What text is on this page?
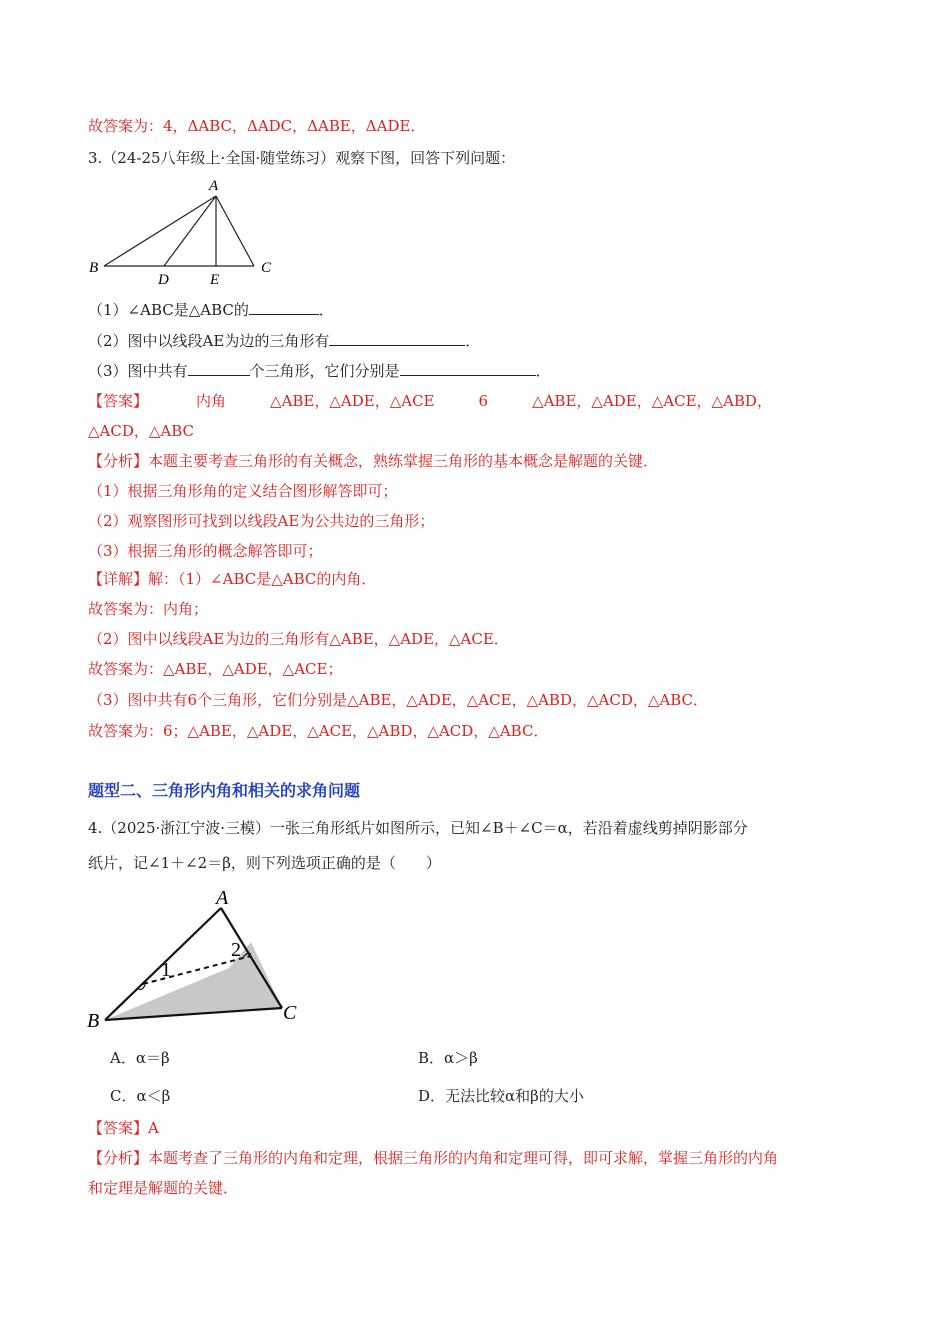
故答案为：4，ΔABC，ΔADC，ΔABE，ΔADE．
3.（24-25八年级上·全国·随堂练习）观察下图，回答下列问题：
A
B	C
D	E
（1）∠ABC是△ABC的	．
（2）图中以线段AE为边的三角形有	．
（3）图中共有	个三角形，它们分别是	．
【答案】	内角	△ABE，△ADE，△ACE	6	△ABE，△ADE，△ACE，△ABD，
△ACD，△ABC
【分析】本题主要考查三角形的有关概念，熟练掌握三角形的基本概念是解题的关键．
（1）根据三角形角的定义结合图形解答即可；
（2）观察图形可找到以线段AE为公共边的三角形；
（3）根据三角形的概念解答即可；
【详解】解：（1）∠ABC是△ABC的内角．
故答案为：内角；
（2）图中以线段AE为边的三角形有△ABE，△ADE，△ACE．
故答案为：△ABE，△ADE，△ACE；
（3）图中共有6个三角形，它们分别是△ABE，△ADE，△ACE，△ABD，△ACD，△ABC．
故答案为：6；△ABE，△ADE，△ACE，△ABD，△ACD，△ABC．
题型二、三角形内角和相关的求角问题
4.（2025·浙江宁波·三模）一张三角形纸片如图所示，已知∠B＋∠C＝α，若沿着虚线剪掉阴影部分
纸片，记∠1＋∠2＝β，则下列选项正确的是（　　）
A
B	C
1
2
A．α＝β	B．α＞β
C．α＜β	D．无法比较α和β的大小
【答案】A
【分析】本题考查了三角形的内角和定理，根据三角形的内角和定理可得，即可求解，掌握三角形的内角
和定理是解题的关键．
